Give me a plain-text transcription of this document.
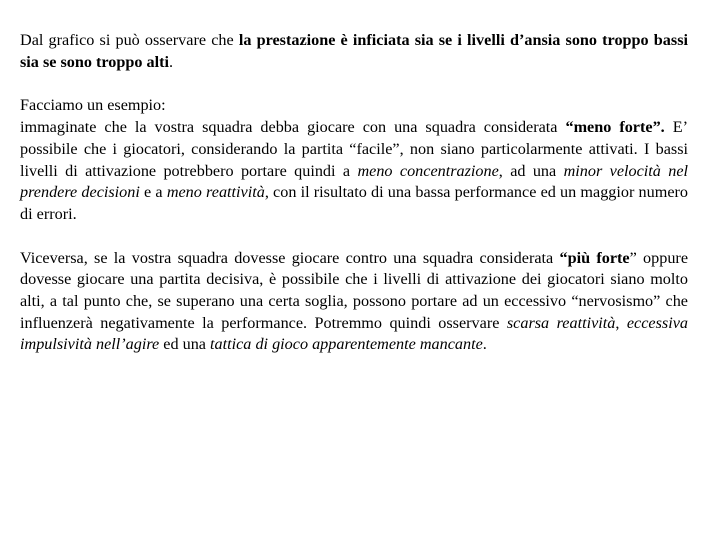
Dal grafico si può osservare che la prestazione è inficiata sia se i livelli d’ansia sono troppo bassi sia se sono troppo alti.

Facciamo un esempio:
immaginate che la vostra squadra debba giocare con una squadra considerata “meno forte”. E’ possibile che i giocatori, considerando la partita “facile”, non siano particolarmente attivati. I bassi livelli di attivazione potrebbero portare quindi a meno concentrazione, ad una minor velocità nel prendere decisioni e a meno reattività, con il risultato di una bassa performance ed un maggior numero di errori.

Viceversa, se la vostra squadra dovesse giocare contro una squadra considerata “più forte” oppure dovesse giocare una partita decisiva, è possibile che i livelli di attivazione dei giocatori siano molto alti, a tal punto che, se superano una certa soglia, possono portare ad un eccessivo “nervosismo” che influenzerà negativamente la performance. Potremmo quindi osservare scarsa reattività, eccessiva impulsività nell’agire ed una tattica di gioco apparentemente mancante.
